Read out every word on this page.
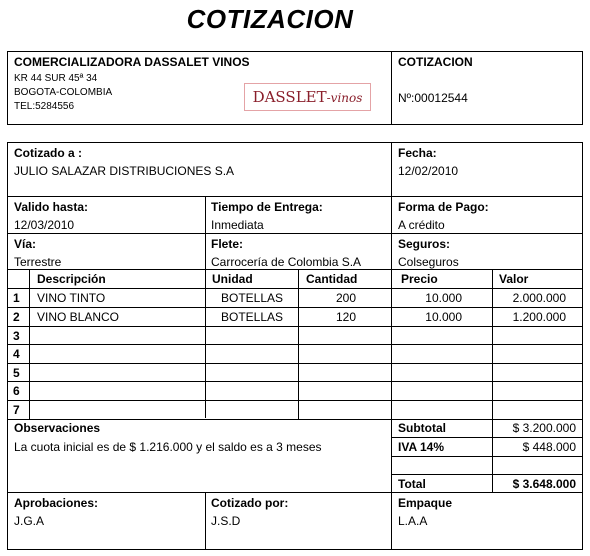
COTIZACION
COMERCIALIZADORA DASSALET VINOS
KR 44 SUR 45ª 34
BOGOTA-COLOMBIA
TEL:5284556
DASSLET-vinos
COTIZACION
Nº:00012544
Cotizado a :
JULIO SALAZAR DISTRIBUCIONES S.A
Fecha:
12/02/2010
Valido hasta:
12/03/2010
Tiempo de Entrega:
Inmediata
Forma de Pago:
A crédito
Vía:
Terrestre
Flete:
Carrocería de Colombia S.A
Seguros:
Colseguros
Descripción	Unidad	Cantidad	Precio	Valor
1 VINO TINTO	BOTELLAS	200	10.000	2.000.000
2 VINO BLANCO	BOTELLAS	120	10.000	1.200.000
3
4
5
6
7
Observaciones
La cuota inicial es de $ 1.216.000 y el saldo es a 3 meses
Subtotal	$ 3.200.000
IVA 14%	$ 448.000
Total	$ 3.648.000
Aprobaciones:
J.G.A
Cotizado por:
J.S.D
Empaque
L.A.A
